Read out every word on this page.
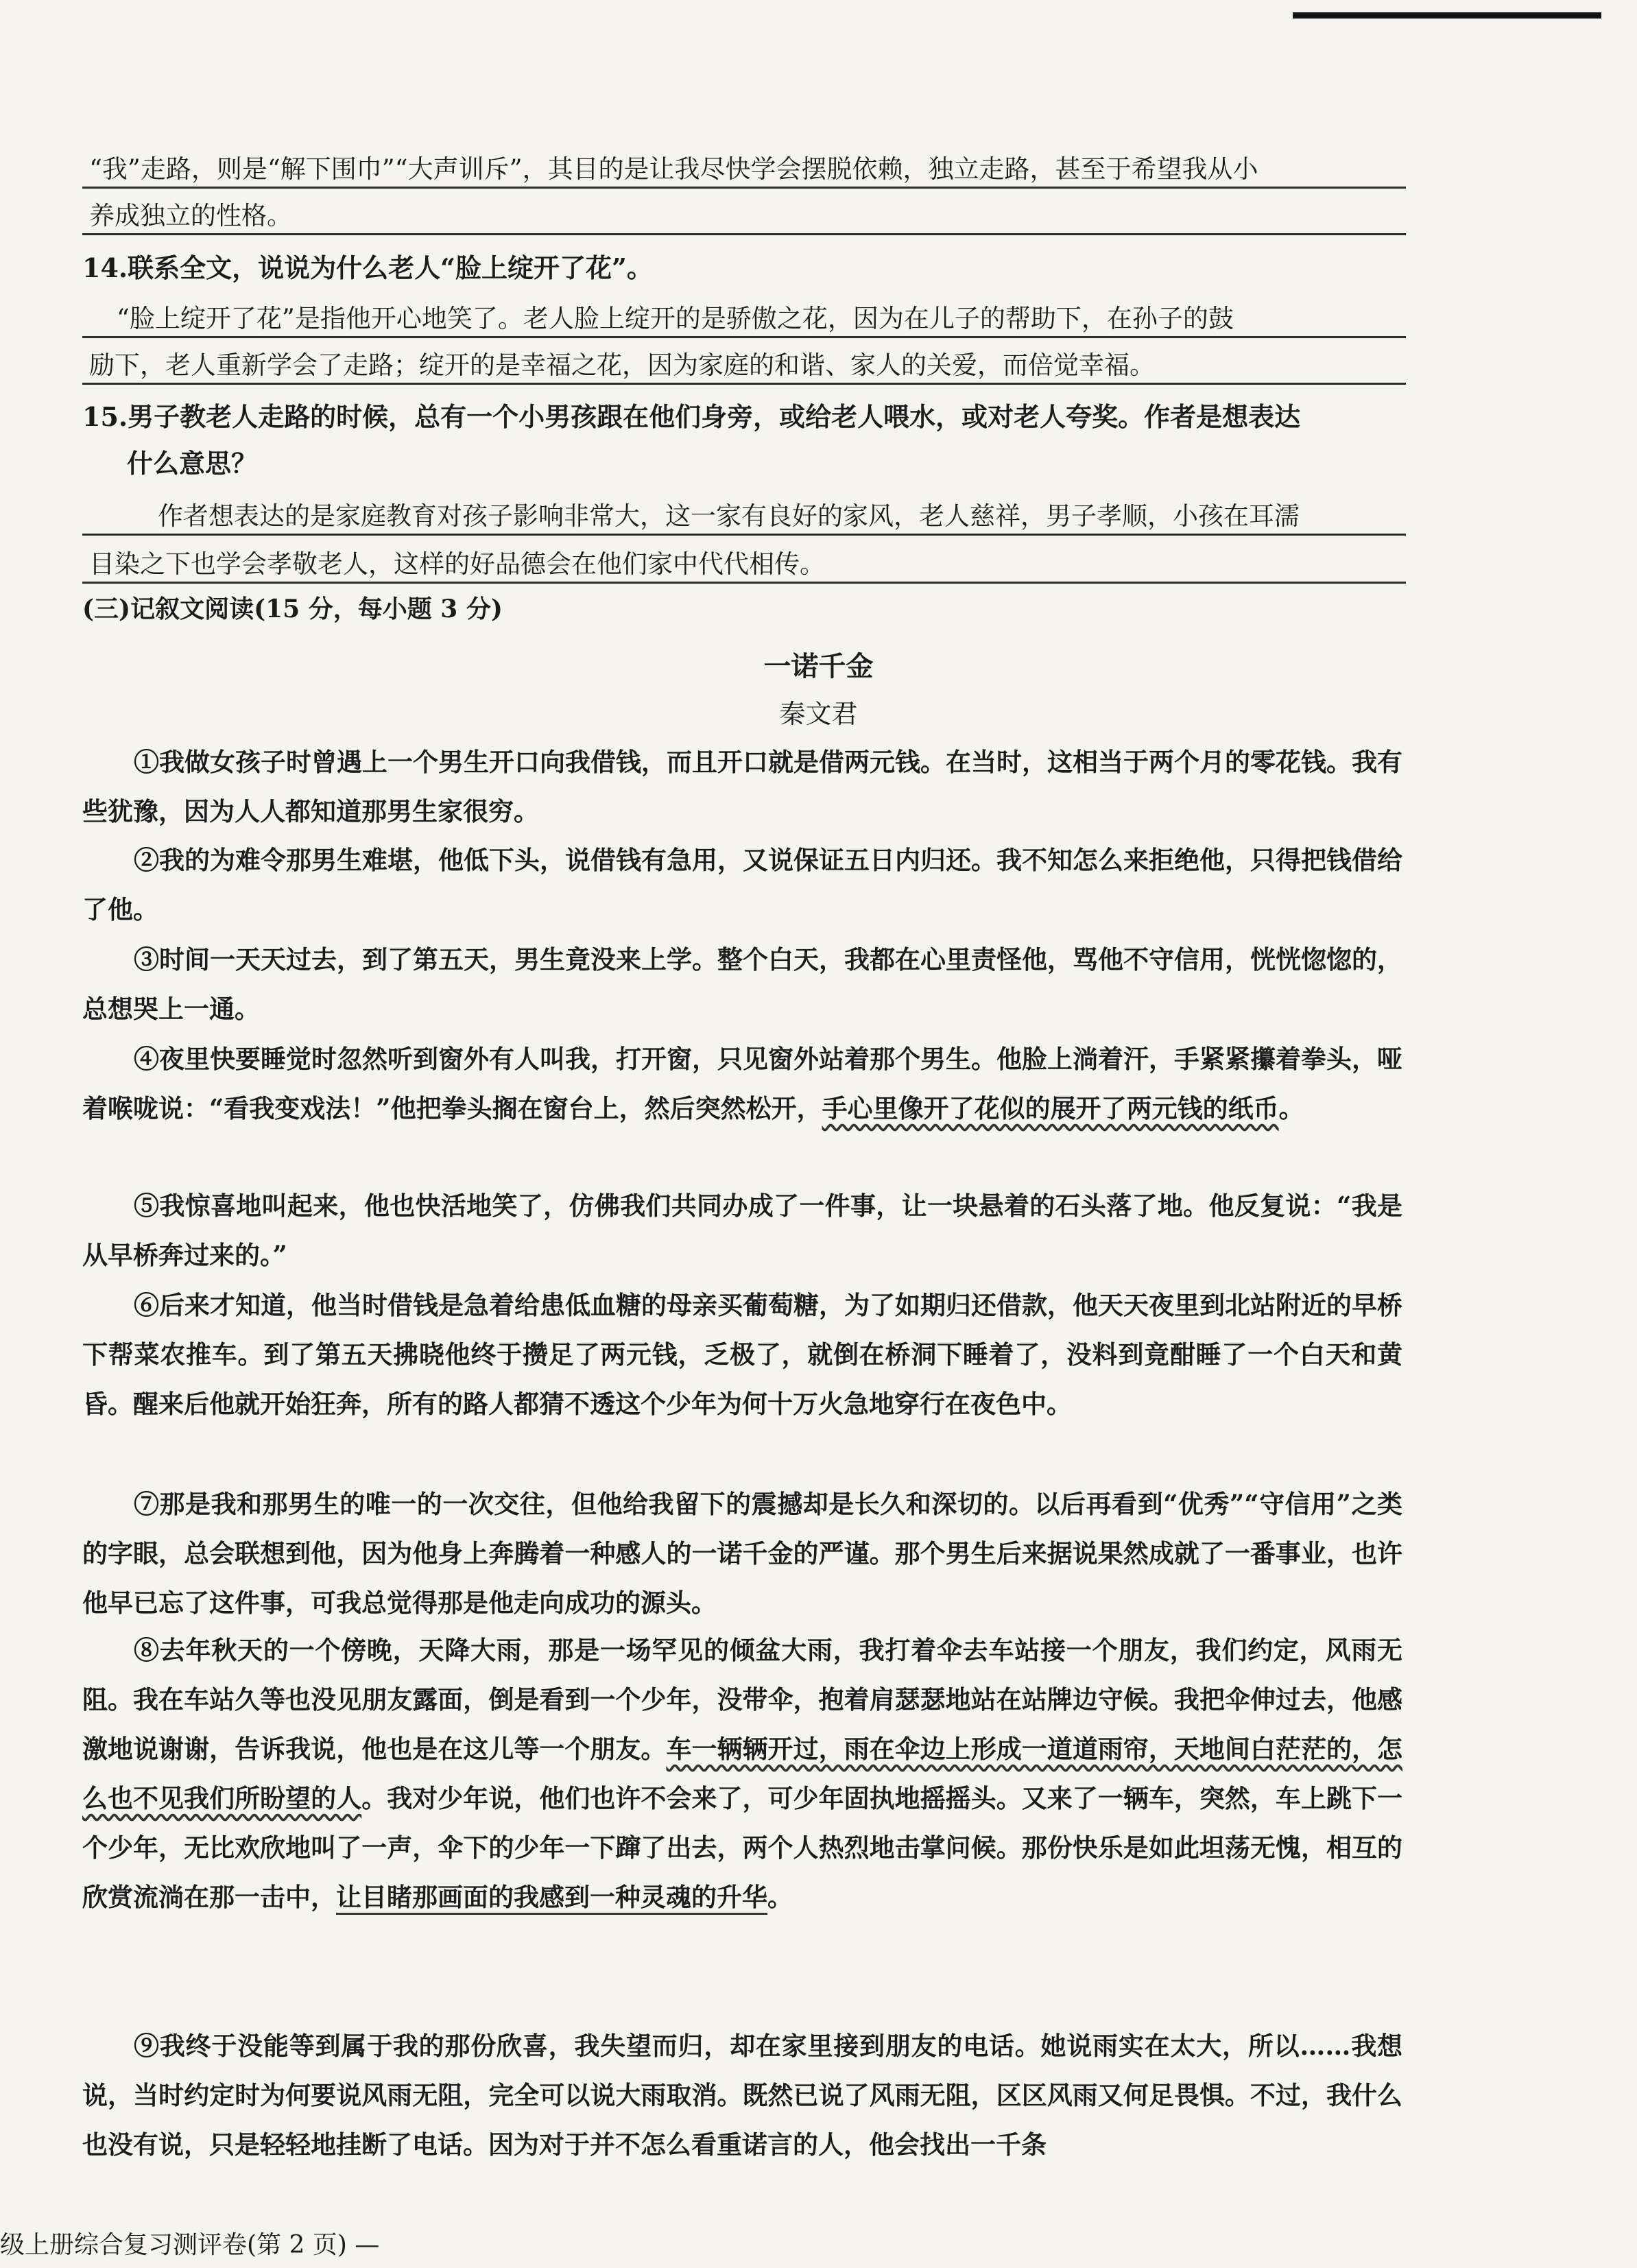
“我”走路，则是“解下围巾”“大声训斥”，其目的是让我尽快学会摆脱依赖，独立走路，甚至于希望我从小
养成独立的性格。
14.联系全文，说说为什么老人“脸上绽开了花”。
“脸上绽开了花”是指他开心地笑了。老人脸上绽开的是骄傲之花，因为在儿子的帮助下，在孙子的鼓
励下，老人重新学会了走路；绽开的是幸福之花，因为家庭的和谐、家人的关爱，而倍觉幸福。
15.男子教老人走路的时候，总有一个小男孩跟在他们身旁，或给老人喂水，或对老人夸奖。作者是想表达
什么意思？
作者想表达的是家庭教育对孩子影响非常大，这一家有良好的家风，老人慈祥，男子孝顺，小孩在耳濡
目染之下也学会孝敬老人，这样的好品德会在他们家中代代相传。
(三)记叙文阅读(15 分，每小题 3 分)
一诺千金
秦文君
①我做女孩子时曾遇上一个男生开口向我借钱，而且开口就是借两元钱。在当时，这相当于两个月的零花钱。我有些犹豫，因为人人都知道那男生家很穷。
②我的为难令那男生难堪，他低下头，说借钱有急用，又说保证五日内归还。我不知怎么来拒绝他，只得把钱借给了他。
③时间一天天过去，到了第五天，男生竟没来上学。整个白天，我都在心里责怪他，骂他不守信用，恍恍惚惚的，总想哭上一通。
④夜里快要睡觉时忽然听到窗外有人叫我，打开窗，只见窗外站着那个男生。他脸上淌着汗，手紧紧攥着拳头，哑着喉咙说：“看我变戏法！”他把拳头搁在窗台上，然后突然松开，手心里像开了花似的展开了两元钱的纸币。
⑤我惊喜地叫起来，他也快活地笑了，仿佛我们共同办成了一件事，让一块悬着的石头落了地。他反复说：“我是从早桥奔过来的。”
⑥后来才知道，他当时借钱是急着给患低血糖的母亲买葡萄糖，为了如期归还借款，他天天夜里到北站附近的早桥下帮菜农推车。到了第五天拂晓他终于攒足了两元钱，乏极了，就倒在桥洞下睡着了，没料到竟酣睡了一个白天和黄昏。醒来后他就开始狂奔，所有的路人都猜不透这个少年为何十万火急地穿行在夜色中。
⑦那是我和那男生的唯一的一次交往，但他给我留下的震撼却是长久和深切的。以后再看到“优秀”“守信用”之类的字眼，总会联想到他，因为他身上奔腾着一种感人的一诺千金的严谨。那个男生后来据说果然成就了一番事业，也许他早已忘了这件事，可我总觉得那是他走向成功的源头。
⑧去年秋天的一个傍晚，天降大雨，那是一场罕见的倾盆大雨，我打着伞去车站接一个朋友，我们约定，风雨无阻。我在车站久等也没见朋友露面，倒是看到一个少年，没带伞，抱着肩瑟瑟地站在站牌边守候。我把伞伸过去，他感激地说谢谢，告诉我说，他也是在这儿等一个朋友。车一辆辆开过，雨在伞边上形成一道道雨帘，天地间白茫茫的，怎么也不见我们所盼望的人。我对少年说，他们也许不会来了，可少年固执地摇摇头。又来了一辆车，突然，车上跳下一个少年，无比欢欣地叫了一声，伞下的少年一下蹿了出去，两个人热烈地击掌问候。那份快乐是如此坦荡无愧，相互的欣赏流淌在那一击中，让目睹那画面的我感到一种灵魂的升华。
⑨我终于没能等到属于我的那份欣喜，我失望而归，却在家里接到朋友的电话。她说雨实在太大，所以……我想说，当时约定时为何要说风雨无阻，完全可以说大雨取消。既然已说了风雨无阻，区区风雨又何足畏惧。不过，我什么也没有说，只是轻轻地挂断了电话。因为对于并不怎么看重诺言的人，他会找出一千条
级上册综合复习测评卷(第 2 页) —
